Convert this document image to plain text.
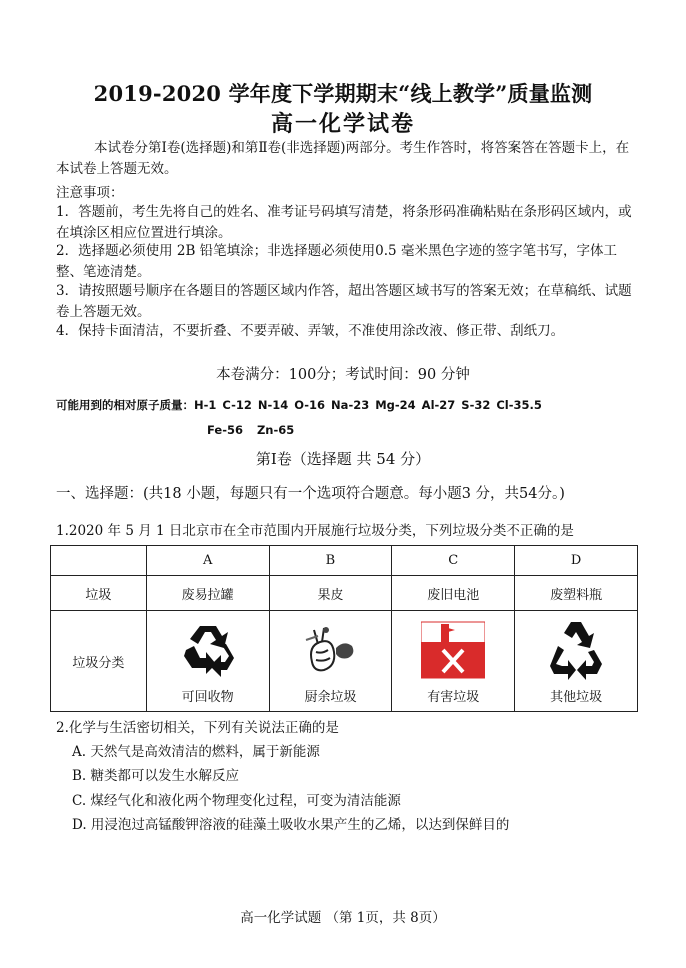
2019-2020 学年度下学期期末“线上教学”质量监测
高一化学试卷
本试卷分第Ⅰ卷(选择题)和第Ⅱ卷(非选择题)两部分。考生作答时，将答案答在答题卡上，在本试卷上答题无效。
注意事项：
1．答题前，考生先将自己的姓名、准考证号码填写清楚，将条形码准确粘贴在条形码区域内，或在填涂区相应位置进行填涂。
2．选择题必须使用 2B 铅笔填涂；非选择题必须使用0.5 毫米黑色字迹的签字笔书写，字体工整、笔迹清楚。
3．请按照题号顺序在各题目的答题区域内作答，超出答题区域书写的答案无效；在草稿纸、试题卷上答题无效。
4．保持卡面清洁，不要折叠、不要弄破、弄皱，不准使用涂改液、修正带、刮纸刀。
本卷满分：100分；考试时间：90 分钟
可能用到的相对原子质量：H-1 C-12 N-14 O-16 Na-23 Mg-24 Al-27 S-32 Cl-35.5
Fe-56 Zn-65
第Ⅰ卷（选择题 共 54 分）
一、选择题：(共18 小题，每题只有一个选项符合题意。每小题3 分，共54分。)
1.2020 年 5 月 1 日北京市在全市范围内开展施行垃圾分类，下列垃圾分类不正确的是
	A	B	C	D
垃圾	废易拉罐	果皮	废旧电池	废塑料瓶
垃圾分类	可回收物	厨余垃圾	有害垃圾	其他垃圾
2.化学与生活密切相关，下列有关说法正确的是
A. 天然气是高效清洁的燃料，属于新能源
B. 糖类都可以发生水解反应
C. 煤经气化和液化两个物理变化过程，可变为清洁能源
D. 用浸泡过高锰酸钾溶液的硅藻土吸收水果产生的乙烯，以达到保鲜目的
高一化学试题 （第 1页，共 8页）
